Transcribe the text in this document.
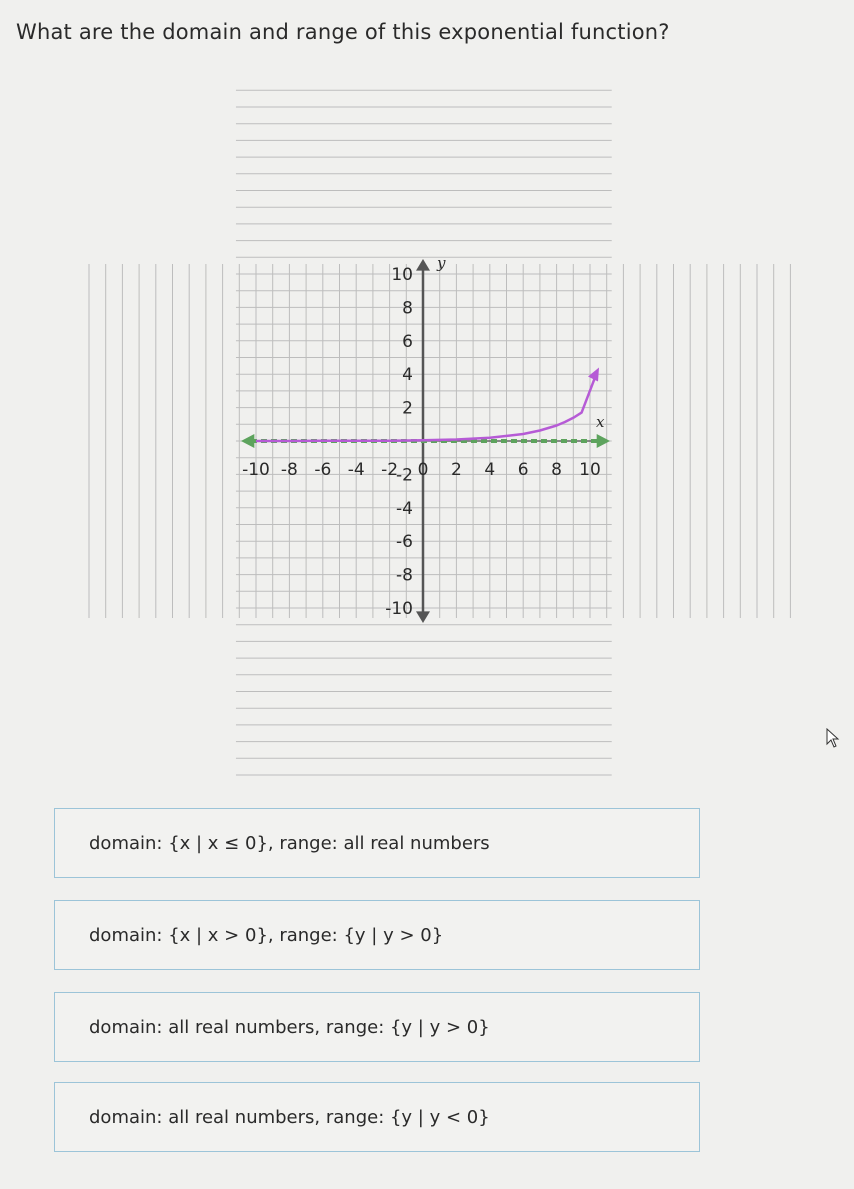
What are the domain and range of this exponential function?
-10 -8 -6 -4 -2 0 2 4 6 8 10
10
8
6
4
2
-2
-4
-6
-8
-10
y
x
domain: {x | x ≤ 0}, range: all real numbers
domain: {x | x > 0}, range: {y | y > 0}
domain: all real numbers, range: {y | y > 0}
domain: all real numbers, range: {y | y < 0}
